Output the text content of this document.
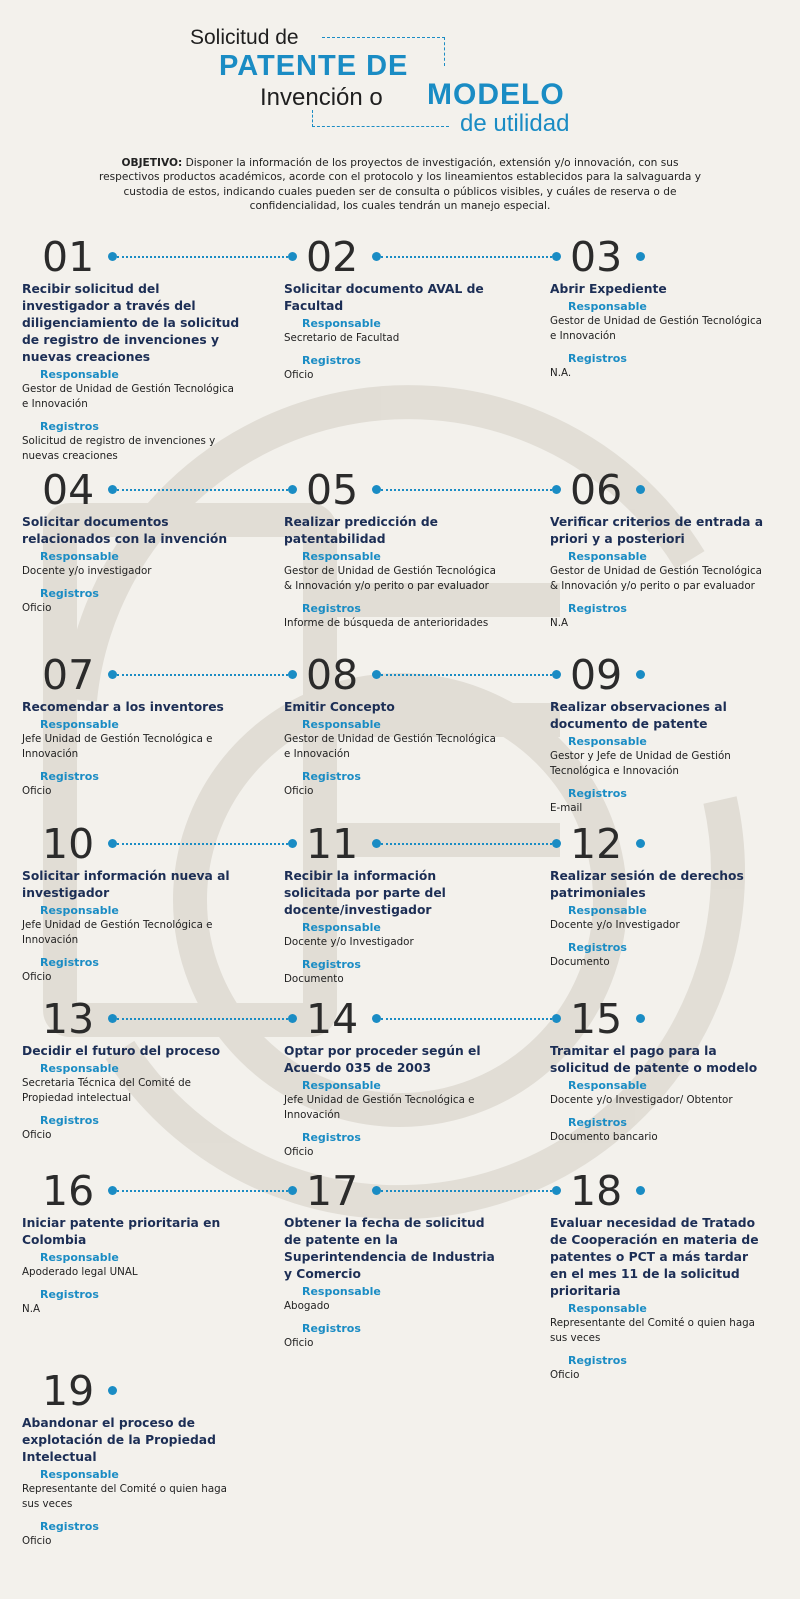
Solicitud de
PATENTE DE
Invención o MODELO
de utilidad
OBJETIVO: Disponer la información de los proyectos de investigación, extensión y/o innovación, con sus respectivos productos académicos, acorde con el protocolo y los lineamientos establecidos para la salvaguarda y custodia de estos, indicando cuales pueden ser de consulta o públicos visibles, y cuáles de reserva o de confidencialidad, los cuales tendrán un manejo especial.
01
Recibir solicitud del investigador a través del diligenciamiento de la solicitud de registro de invenciones y nuevas creaciones
Responsable
Gestor de Unidad de Gestión Tecnológica e Innovación
Registros
Solicitud de registro de invenciones y nuevas creaciones
02
Solicitar documento AVAL de Facultad
Responsable
Secretario de Facultad
Registros
Oficio
03
Abrir Expediente
Responsable
Gestor de Unidad de Gestión Tecnológica e Innovación
Registros
N.A.
04
Solicitar documentos relacionados con la invención
Responsable
Docente y/o investigador
Registros
Oficio
05
Realizar predicción de patentabilidad
Responsable
Gestor de Unidad de Gestión Tecnológica & Innovación y/o perito o par evaluador
Registros
Informe de búsqueda de anterioridades
06
Verificar criterios de entrada a priori y a posteriori
Responsable
Gestor de Unidad de Gestión Tecnológica & Innovación y/o perito o par evaluador
Registros
N.A
07
Recomendar a los inventores
Responsable
Jefe Unidad de Gestión Tecnológica e Innovación
Registros
Oficio
08
Emitir Concepto
Responsable
Gestor de Unidad de Gestión Tecnológica e Innovación
Registros
Oficio
09
Realizar observaciones al documento de patente
Responsable
Gestor y Jefe de Unidad de Gestión Tecnológica e Innovación
Registros
E-mail
10
Solicitar información nueva al investigador
Responsable
Jefe Unidad de Gestión Tecnológica e Innovación
Registros
Oficio
11
Recibir la información solicitada por parte del docente/investigador
Responsable
Docente y/o Investigador
Registros
Documento
12
Realizar sesión de derechos patrimoniales
Responsable
Docente y/o Investigador
Registros
Documento
13
Decidir el futuro del proceso
Responsable
Secretaria Técnica del Comité de Propiedad intelectual
Registros
Oficio
14
Optar por proceder según el Acuerdo 035 de 2003
Responsable
Jefe Unidad de Gestión Tecnológica e Innovación
Registros
Oficio
15
Tramitar el pago para la solicitud de patente o modelo
Responsable
Docente y/o Investigador/ Obtentor
Registros
Documento bancario
16
Iniciar patente prioritaria en Colombia
Responsable
Apoderado legal UNAL
Registros
N.A
17
Obtener la fecha de solicitud de patente en la Superintendencia de Industria y Comercio
Responsable
Abogado
Registros
Oficio
18
Evaluar necesidad de Tratado de Cooperación en materia de patentes o PCT a más tardar en el mes 11 de la solicitud prioritaria
Responsable
Representante del Comité o quien haga sus veces
Registros
Oficio
19
Abandonar el proceso de explotación de la Propiedad Intelectual
Responsable
Representante del Comité o quien haga sus veces
Registros
Oficio
